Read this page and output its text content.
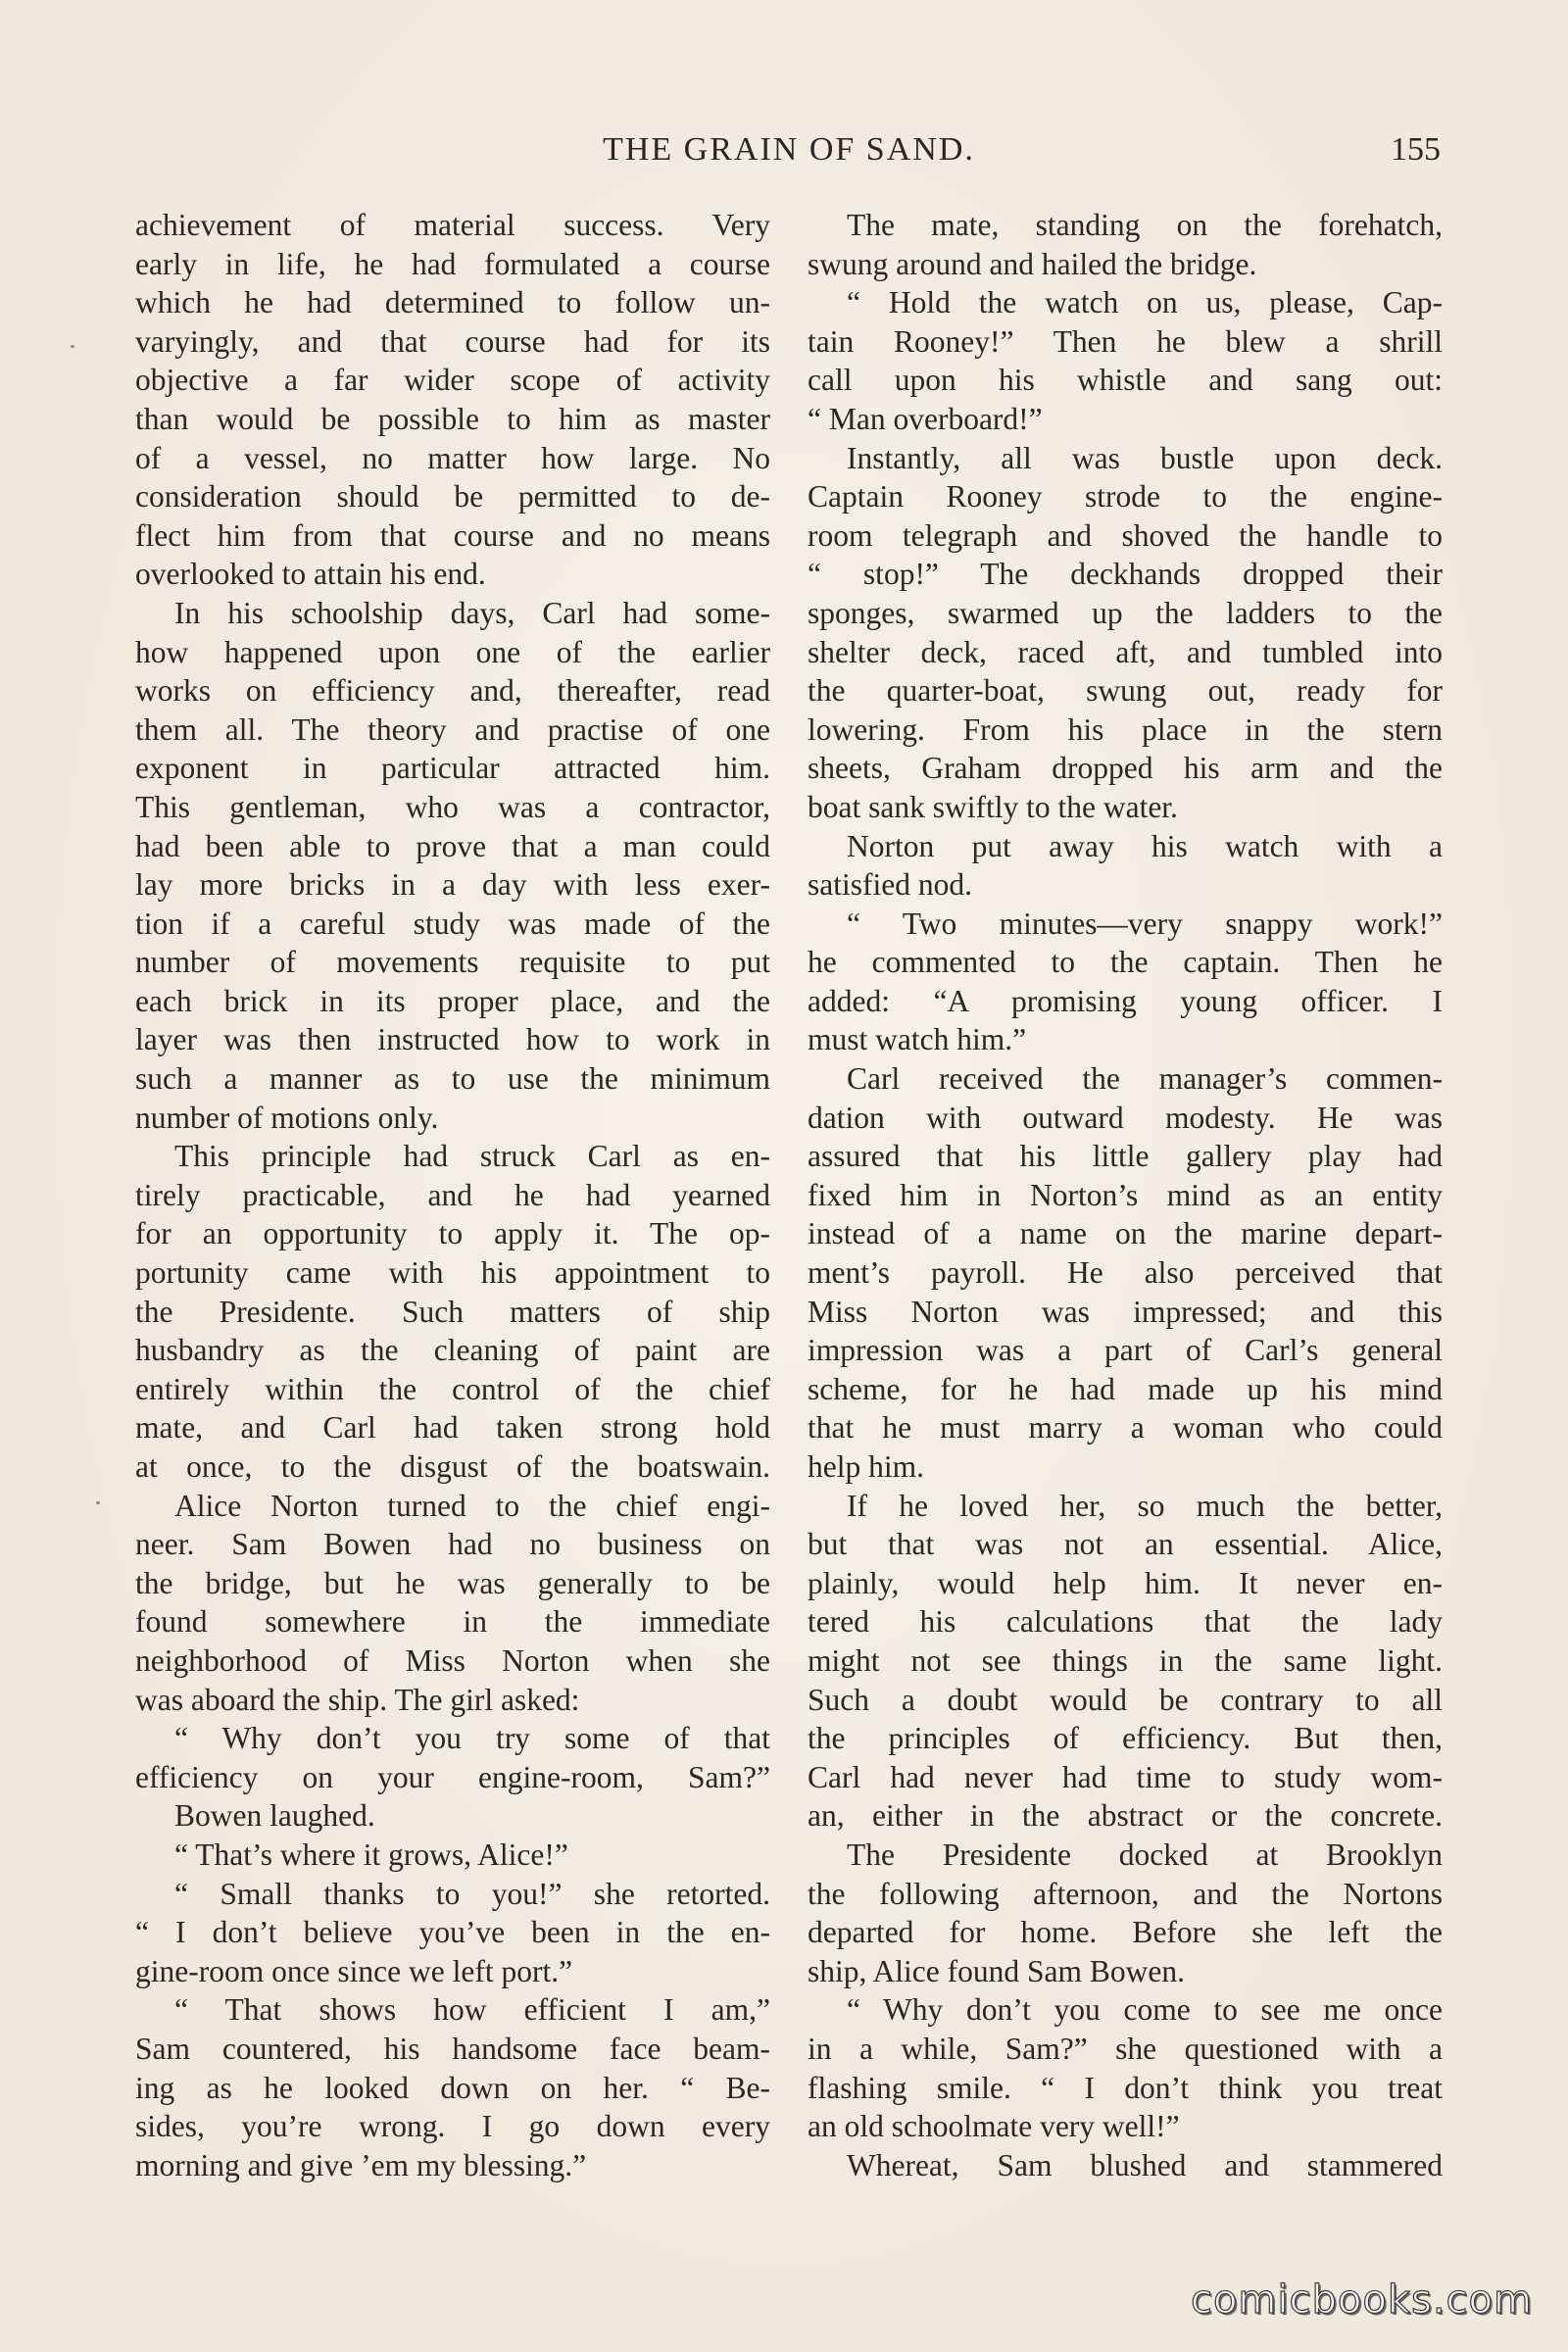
THE GRAIN OF SAND.	155
achievement of material success. Very
early in life, he had formulated a course
which he had determined to follow un-
varyingly, and that course had for its
objective a far wider scope of activity
than would be possible to him as master
of a vessel, no matter how large. No
consideration should be permitted to de-
flect him from that course and no means
overlooked to attain his end.
In his schoolship days, Carl had some-
how happened upon one of the earlier
works on efficiency and, thereafter, read
them all. The theory and practise of one
exponent in particular attracted him.
This gentleman, who was a contractor,
had been able to prove that a man could
lay more bricks in a day with less exer-
tion if a careful study was made of the
number of movements requisite to put
each brick in its proper place, and the
layer was then instructed how to work in
such a manner as to use the minimum
number of motions only.
This principle had struck Carl as en-
tirely practicable, and he had yearned
for an opportunity to apply it. The op-
portunity came with his appointment to
the Presidente. Such matters of ship
husbandry as the cleaning of paint are
entirely within the control of the chief
mate, and Carl had taken strong hold
at once, to the disgust of the boatswain.
Alice Norton turned to the chief engi-
neer. Sam Bowen had no business on
the bridge, but he was generally to be
found somewhere in the immediate
neighborhood of Miss Norton when she
was aboard the ship. The girl asked:
“ Why don’t you try some of that
efficiency on your engine-room, Sam?”
Bowen laughed.
“ That’s where it grows, Alice!”
“ Small thanks to you!” she retorted.
“ I don’t believe you’ve been in the en-
gine-room once since we left port.”
“ That shows how efficient I am,”
Sam countered, his handsome face beam-
ing as he looked down on her. “ Be-
sides, you’re wrong. I go down every
morning and give ’em my blessing.”
The mate, standing on the forehatch,
swung around and hailed the bridge.
“ Hold the watch on us, please, Cap-
tain Rooney!” Then he blew a shrill
call upon his whistle and sang out:
“ Man overboard!”
Instantly, all was bustle upon deck.
Captain Rooney strode to the engine-
room telegraph and shoved the handle to
“ stop!” The deckhands dropped their
sponges, swarmed up the ladders to the
shelter deck, raced aft, and tumbled into
the quarter-boat, swung out, ready for
lowering. From his place in the stern
sheets, Graham dropped his arm and the
boat sank swiftly to the water.
Norton put away his watch with a
satisfied nod.
“ Two minutes—very snappy work!”
he commented to the captain. Then he
added: “A promising young officer. I
must watch him.”
Carl received the manager’s commen-
dation with outward modesty. He was
assured that his little gallery play had
fixed him in Norton’s mind as an entity
instead of a name on the marine depart-
ment’s payroll. He also perceived that
Miss Norton was impressed; and this
impression was a part of Carl’s general
scheme, for he had made up his mind
that he must marry a woman who could
help him.
If he loved her, so much the better,
but that was not an essential. Alice,
plainly, would help him. It never en-
tered his calculations that the lady
might not see things in the same light.
Such a doubt would be contrary to all
the principles of efficiency. But then,
Carl had never had time to study wom-
an, either in the abstract or the concrete.
The Presidente docked at Brooklyn
the following afternoon, and the Nortons
departed for home. Before she left the
ship, Alice found Sam Bowen.
“ Why don’t you come to see me once
in a while, Sam?” she questioned with a
flashing smile. “ I don’t think you treat
an old schoolmate very well!”
Whereat, Sam blushed and stammered
comicbooks.com
